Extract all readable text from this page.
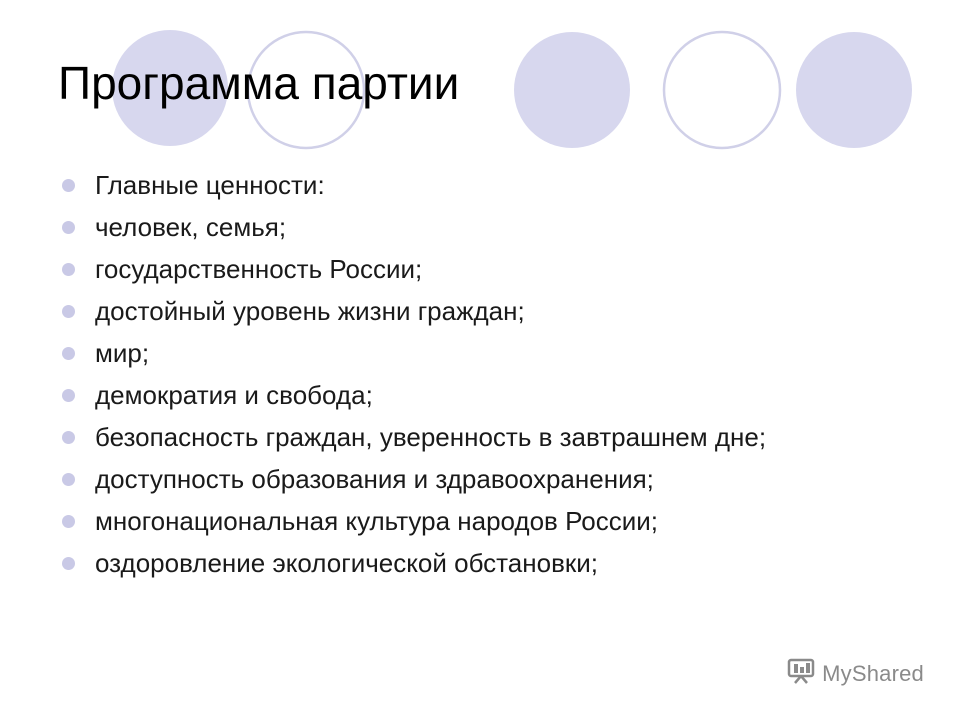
Программа партии
Главные ценности:
человек, семья;
государственность России;
достойный уровень жизни граждан;
мир;
демократия и свобода;
безопасность граждан, уверенность в завтрашнем дне;
доступность образования и здравоохранения;
многонациональная культура народов России;
оздоровление экологической обстановки;
MyShared
